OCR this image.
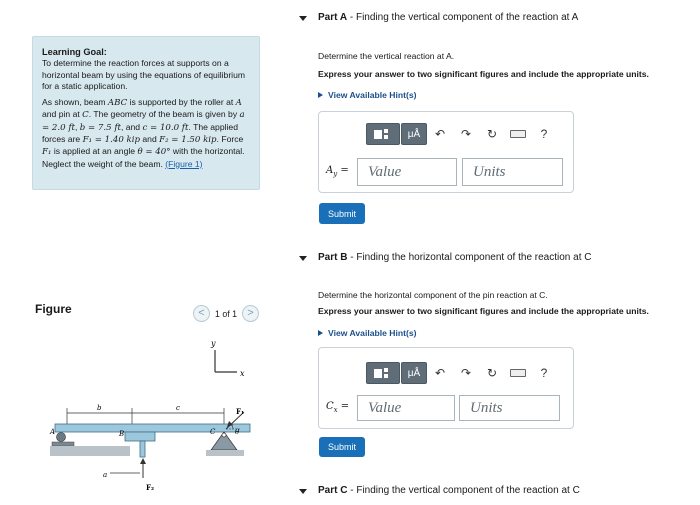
Learning Goal:
To determine the reaction forces at supports on a horizontal beam by using the equations of equilibrium for a static application.

As shown, beam ABC is supported by the roller at A and pin at C. The geometry of the beam is given by a = 2.0 ft, b = 7.5 ft, and c = 10.0 ft. The applied forces are F₁ = 1.40 kip and F₂ = 1.50 kip. Force F₁ is applied at an angle θ = 40° with the horizontal. Neglect the weight of the beam. (Figure 1)

Figure	<	1 of 1 >
y
x
b	c
F₂
a
F₁
θ
A	B	C
Part A - Finding the vertical component of the reaction at A
Determine the vertical reaction at A.
Express your answer to two significant figures and include the appropriate units.
View Available Hint(s)
μÅ	↶	↷	↻	?
$A_y$ =	Value	Units
Submit
Part B - Finding the horizontal component of the reaction at C
Determine the horizontal component of the pin reaction at C.
Express your answer to two significant figures and include the appropriate units.
View Available Hint(s)
μÅ	↶	↷	↻	?
$C_x$ =	Value	Units
Submit
Part C - Finding the vertical component of the reaction at C
